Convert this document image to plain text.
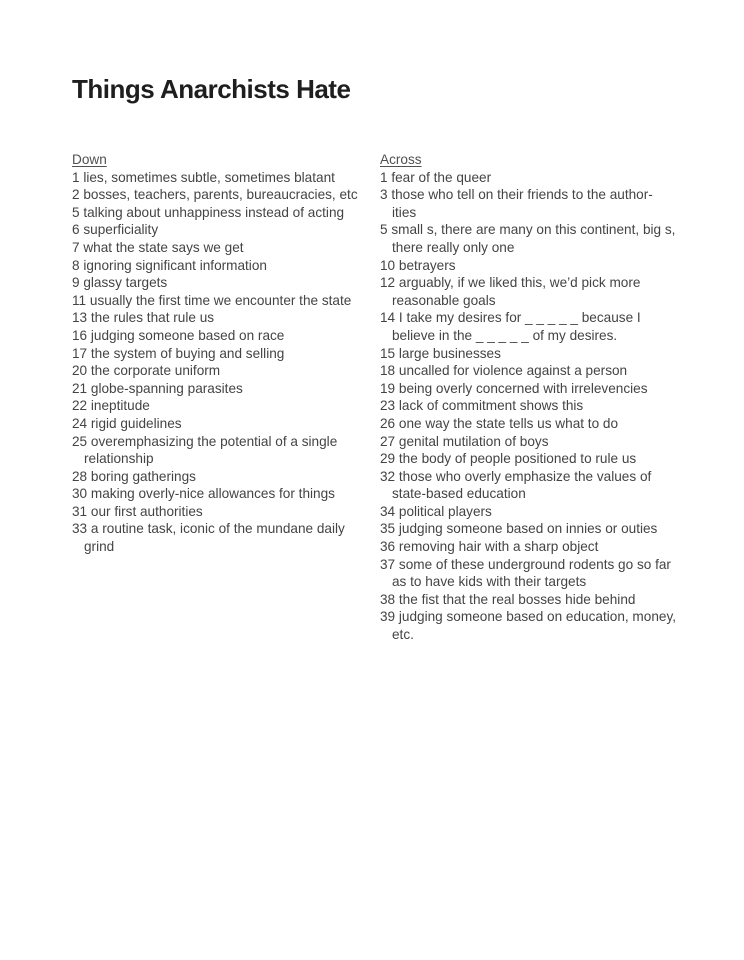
Things Anarchists Hate
Down
1 lies, sometimes subtle, sometimes blatant
2 bosses, teachers, parents, bureaucracies, etc
5 talking about unhappiness instead of acting
6 superficiality
7 what the state says we get
8 ignoring significant information
9 glassy targets
11 usually the first time we encounter the state
13 the rules that rule us
16 judging someone based on race
17 the system of buying and selling
20 the corporate uniform
21 globe-spanning parasites
22 ineptitude
24 rigid guidelines
25 overemphasizing the potential of a single relationship
28 boring gatherings
30 making overly-nice allowances for things
31 our first authorities
33 a routine task, iconic of the mundane daily grind
Across
1 fear of the queer
3 those who tell on their friends to the author-ities
5 small s, there are many on this continent, big s, there really only one
10 betrayers
12 arguably, if we liked this, we’d pick more reasonable goals
14 I take my desires for _ _ _ _ _ because I believe in the _ _ _ _ _ of my desires.
15 large businesses
18 uncalled for violence against a person
19 being overly concerned with irrelevencies
23 lack of commitment shows this
26 one way the state tells us what to do
27 genital mutilation of boys
29 the body of people positioned to rule us
32 those who overly emphasize the values of state-based education
34 political players
35 judging someone based on innies or outies
36 removing hair with a sharp object
37 some of these underground rodents go so far as to have kids with their targets
38 the fist that the real bosses hide behind
39 judging someone based on education, money, etc.
